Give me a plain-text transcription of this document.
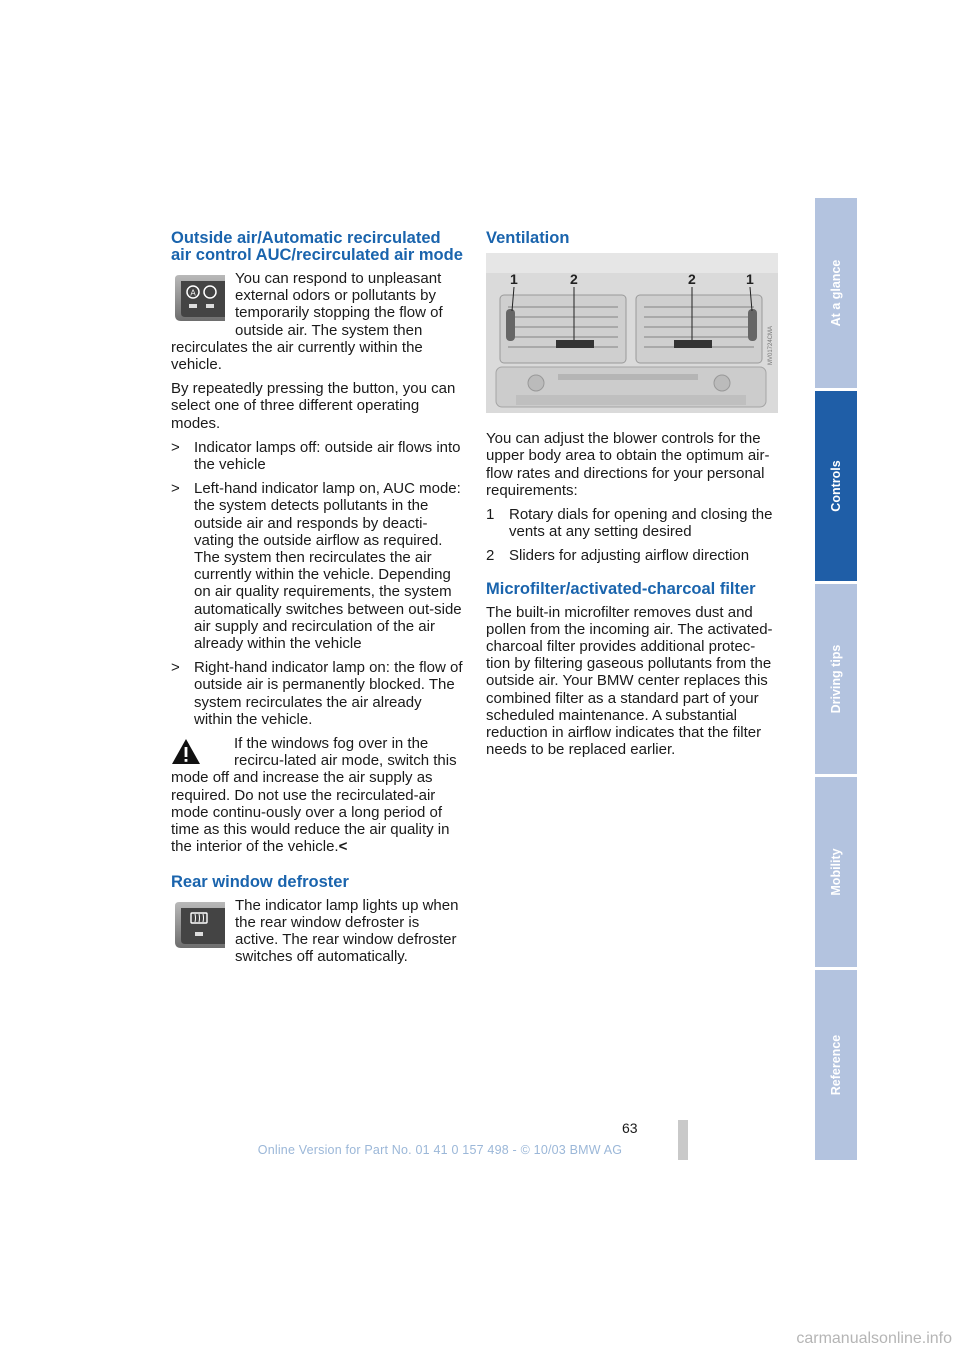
Outside air/Automatic recirculated air control AUC/recirculated air mode
A

You can respond to unpleasant external odors or pollutants by temporarily stopping the flow of outside air. The system then recirculates the air currently within the vehicle.

By repeatedly pressing the button, you can select one of three different operating modes.

> Indicator lamps off: outside air flows into the vehicle
> Left-hand indicator lamp on, AUC mode: the system detects pollutants in the outside air and responds by deacti-vating the outside airflow as required. The system then recirculates the air currently within the vehicle. Depending on air quality requirements, the system automatically switches between out-side air supply and recirculation of the air already within the vehicle
> Right-hand indicator lamp on: the flow of outside air is permanently blocked. The system recirculates the air already within the vehicle.
If the windows fog over in the recircu-lated air mode, switch this mode off and increase the air supply as required. Do not use the recirculated-air mode continu-ously over a long period of time as this would reduce the air quality in the interior of the vehicle.<
Rear window defroster

The indicator lamp lights up when the rear window defroster is active. The rear window defroster switches off automatically.

Ventilation
1	2	2	1
MV01724CMA

You can adjust the blower controls for the upper body area to obtain the optimum air-flow rates and directions for your personal requirements:

1 Rotary dials for opening and closing the vents at any setting desired
2 Sliders for adjusting airflow direction
Microfilter/activated-charcoal filter

The built-in microfilter removes dust and pollen from the incoming air. The activated-charcoal filter provides additional protec-tion by filtering gaseous pollutants from the outside air. Your BMW center replaces this combined filter as a standard part of your scheduled maintenance. A substantial reduction in airflow indicates that the filter needs to be replaced earlier.

At a glance
Controls
Driving tips
Mobility
Reference
63
Online Version for Part No. 01 41 0 157 498 - © 10/03 BMW AG
carmanualsonline.info
